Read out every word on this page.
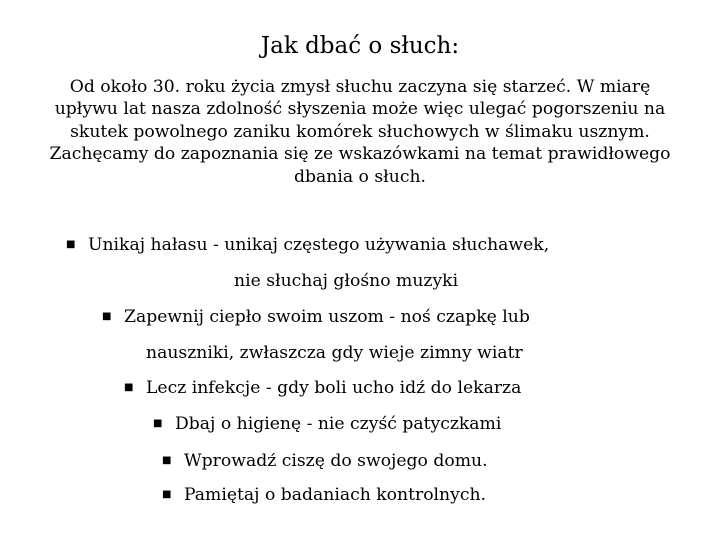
Jak dbać o słuch:
Od około 30. roku życia zmysł słuchu zaczyna się starzeć. W miarę upływu lat nasza zdolność słyszenia może więc ulegać pogorszeniu na skutek powolnego zaniku komórek słuchowych w ślimaku usznym. Zachęcamy do zapoznania się ze wskazówkami na temat prawidłowego dbania o słuch.
■ Unikaj hałasu - unikaj częstego używania słuchawek,
nie słuchaj głośno muzyki
■ Zapewnij ciepło swoim uszom - noś czapkę lub
nauszniki, zwłaszcza gdy wieje zimny wiatr
■ Lecz infekcje - gdy boli ucho idź do lekarza
■ Dbaj o higienę - nie czyść patyczkami
■ Wprowadź ciszę do swojego domu.
■ Pamiętaj o badaniach kontrolnych.
